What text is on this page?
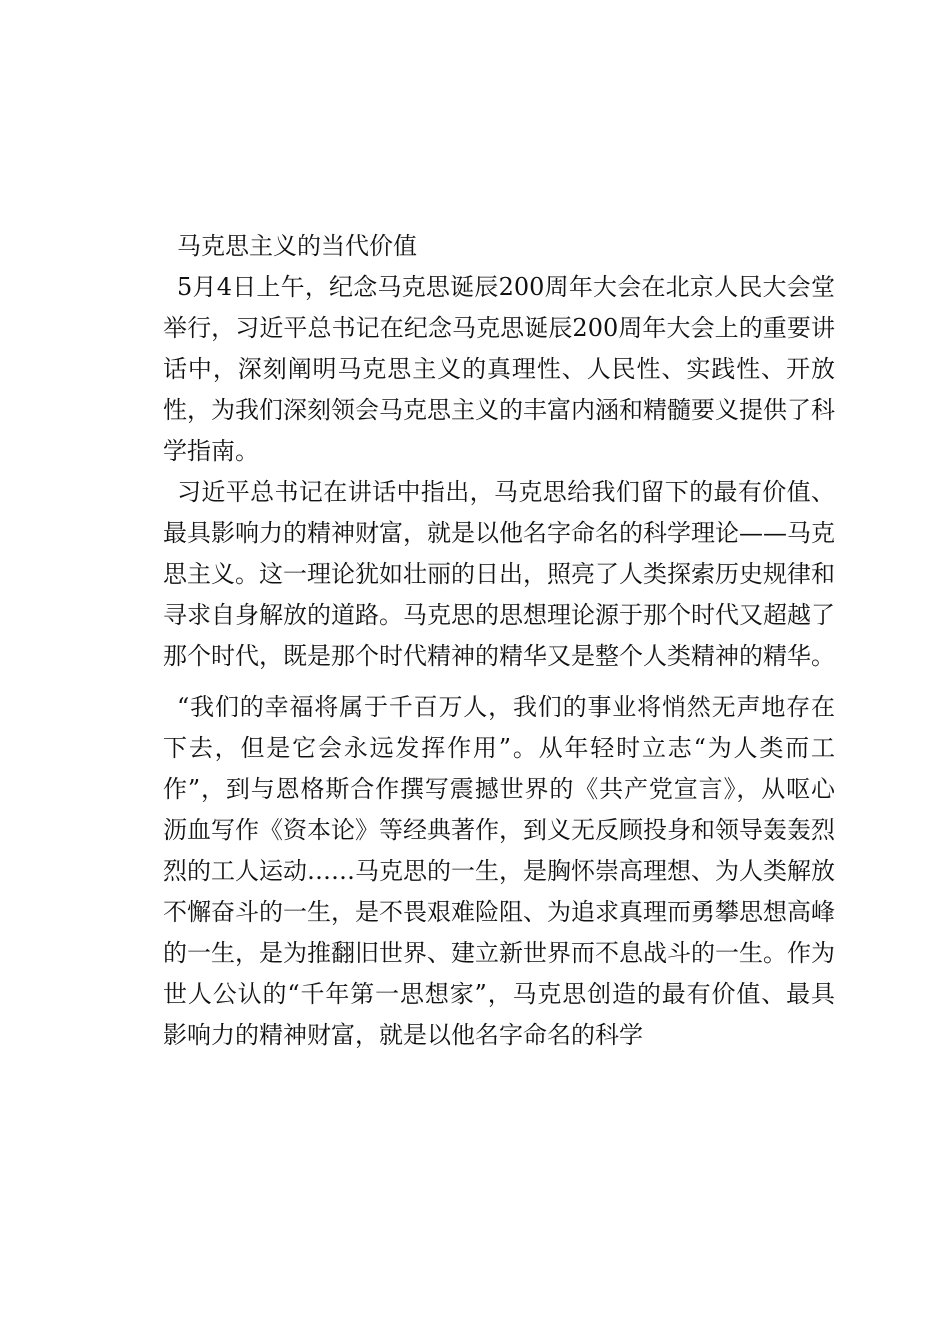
马克思主义的当代价值

5月4日上午，纪念马克思诞辰200周年大会在北京人民大会堂举行，习近平总书记在纪念马克思诞辰200周年大会上的重要讲话中，深刻阐明马克思主义的真理性、人民性、实践性、开放性，为我们深刻领会马克思主义的丰富内涵和精髓要义提供了科学指南。

习近平总书记在讲话中指出，马克思给我们留下的最有价值、最具影响力的精神财富，就是以他名字命名的科学理论——马克思主义。这一理论犹如壮丽的日出，照亮了人类探索历史规律和寻求自身解放的道路。马克思的思想理论源于那个时代又超越了那个时代，既是那个时代精神的精华又是整个人类精神的精华。

“我们的幸福将属于千百万人，我们的事业将悄然无声地存在下去，但是它会永远发挥作用”。从年轻时立志“为人类而工作”，到与恩格斯合作撰写震撼世界的《共产党宣言》，从呕心沥血写作《资本论》等经典著作，到义无反顾投身和领导轰轰烈烈的工人运动……马克思的一生，是胸怀崇高理想、为人类解放不懈奋斗的一生，是不畏艰难险阻、为追求真理而勇攀思想高峰的一生，是为推翻旧世界、建立新世界而不息战斗的一生。作为世人公认的“千年第一思想家”，马克思创造的最有价值、最具影响力的精神财富，就是以他名字命名的科学
